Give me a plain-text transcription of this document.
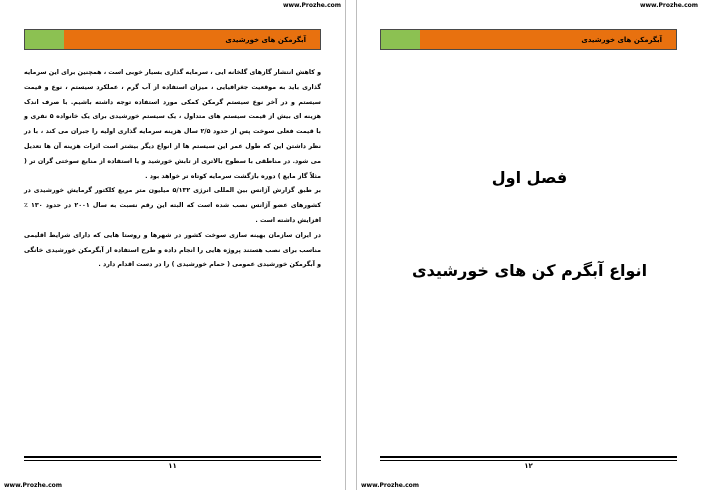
www.Prozhe.com
آبگرمکن های خورشیدی

و کاهش انتشار گازهای گلخانه ایی ، سرمایه گذاری بسیار خوبی است ، همچنین برای این سرمایه گذاری باید به موقعیت جغرافیایی ، میزان استفاده از آب گرم ، عملکرد سیستم ، نوع و قیمت سیستم و در آخر نوع سیستم گرمکن کمکی مورد استفاده توجه داشته باشیم. با صرف اندک هزینه ای بیش از قیمت سیستم های متداول ، یک سیستم خورشیدی برای یک خانواده ۵ نفری و با قیمت فعلی سوخت پس از حدود ۲/۵ سال هزینه سرمایه گذاری اولیه را جبران می کند ، با در نظر داشتن این که طول عمر این سیستم ها از انواع دیگر بیشتر است اثرات هزینه آن ها تعدیل می شود. در مناطقی با سطوح بالاتری از تابش خورشید و یا استفاده از منابع سوختی گران تر ( مثلاً گاز مایع ) دوره بازگشت سرمایه کوتاه تر خواهد بود .

بر طبق گزارش آژانس بین المللی انرژی ۵/۱۳۲ میلیون متر مربع کلکتور گرمایش خورشیدی در کشورهای عضو آژانس نصب شده است که البته این رقم نسبت به سال ۲۰۰۱ در حدود ۱۳۰ ٪ افزایش داشته است .

در ایران سازمان بهینه سازی سوخت کشور در شهرها و روستا هایی که دارای شرایط اقلیمی مناسب برای نصب هستند پروژه هایی را انجام داده و طرح استفاده از آبگرمکن خورشیدی خانگی و آبگرمکن خورشیدی عمومی ( حمام خورشیدی ) را در دست اقدام دارد .

۱۱
www.Prozhe.com
www.Prozhe.com
آبگرمکن های خورشیدی
فصل اول
انواع آبگرم کن های خورشیدی
۱۲
www.Prozhe.com
